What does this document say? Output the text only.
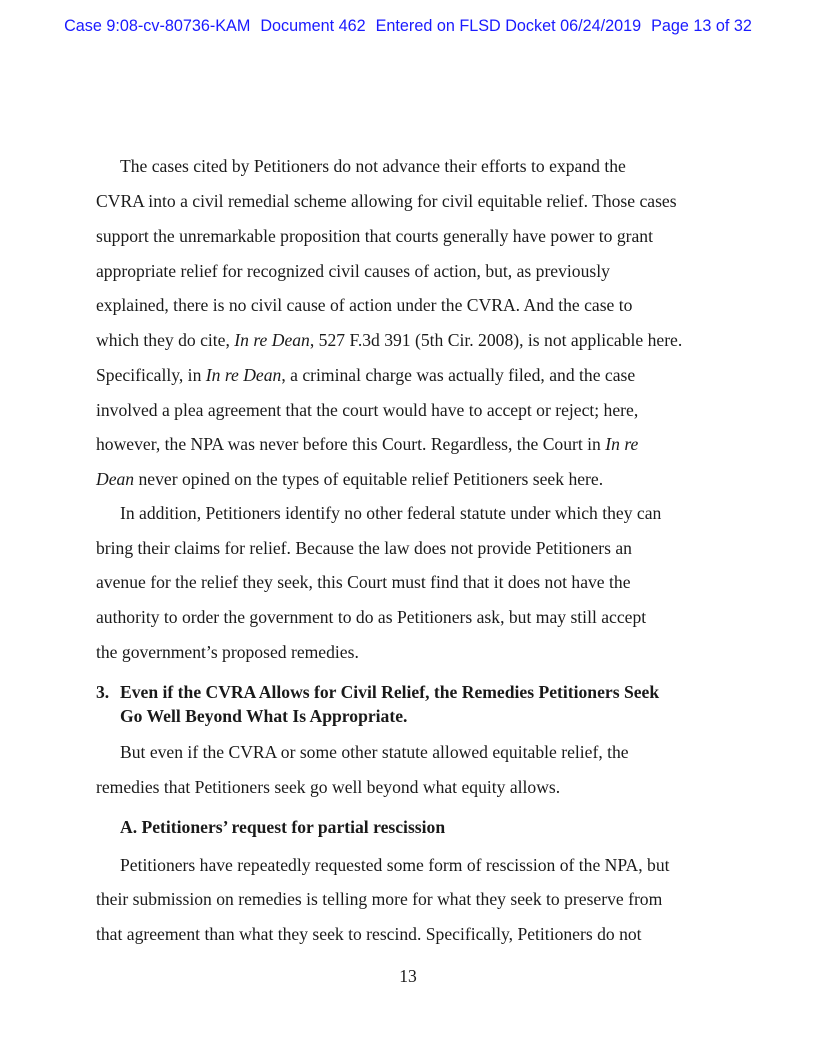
Case 9:08-cv-80736-KAM Document 462 Entered on FLSD Docket 06/24/2019 Page 13 of 32
The cases cited by Petitioners do not advance their efforts to expand the
CVRA into a civil remedial scheme allowing for civil equitable relief. Those cases
support the unremarkable proposition that courts generally have power to grant
appropriate relief for recognized civil causes of action, but, as previously
explained, there is no civil cause of action under the CVRA. And the case to
which they do cite, In re Dean, 527 F.3d 391 (5th Cir. 2008), is not applicable here.
Specifically, in In re Dean, a criminal charge was actually filed, and the case
involved a plea agreement that the court would have to accept or reject; here,
however, the NPA was never before this Court. Regardless, the Court in In re
Dean never opined on the types of equitable relief Petitioners seek here.
In addition, Petitioners identify no other federal statute under which they can
bring their claims for relief. Because the law does not provide Petitioners an
avenue for the relief they seek, this Court must find that it does not have the
authority to order the government to do as Petitioners ask, but may still accept
the government’s proposed remedies.
3. Even if the CVRA Allows for Civil Relief, the Remedies Petitioners Seek
Go Well Beyond What Is Appropriate.
But even if the CVRA or some other statute allowed equitable relief, the
remedies that Petitioners seek go well beyond what equity allows.
A. Petitioners’ request for partial rescission
Petitioners have repeatedly requested some form of rescission of the NPA, but
their submission on remedies is telling more for what they seek to preserve from
that agreement than what they seek to rescind. Specifically, Petitioners do not
13
